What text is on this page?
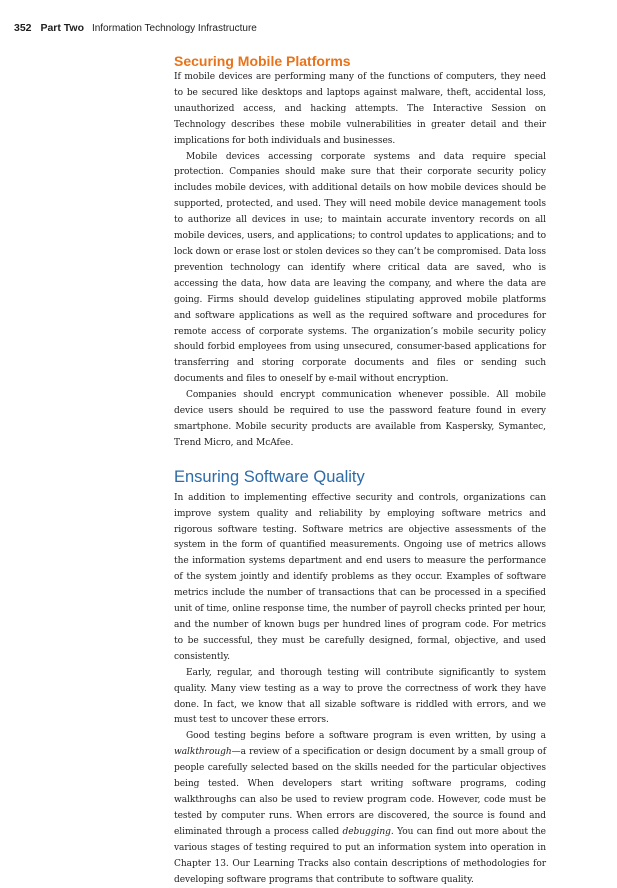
352 Part Two Information Technology Infrastructure
Securing Mobile Platforms

If mobile devices are performing many of the functions of computers, they need to be secured like desktops and laptops against malware, theft, accidental loss, unauthorized access, and hacking attempts. The Interactive Session on Technology describes these mobile vulnerabilities in greater detail and their implications for both individuals and businesses.

Mobile devices accessing corporate systems and data require special protection. Companies should make sure that their corporate security policy includes mobile devices, with additional details on how mobile devices should be supported, protected, and used. They will need mobile device management tools to authorize all devices in use; to maintain accurate inventory records on all mobile devices, users, and applications; to control updates to applications; and to lock down or erase lost or stolen devices so they can’t be compromised. Data loss prevention technology can identify where critical data are saved, who is accessing the data, how data are leaving the company, and where the data are going. Firms should develop guidelines stipulating approved mobile platforms and software applications as well as the required software and procedures for remote access of corporate systems. The organization’s mobile security policy should forbid employees from using unsecured, consumer-based applications for transferring and storing corporate documents and files or sending such documents and files to oneself by e-mail without encryption.

Companies should encrypt communication whenever possible. All mobile device users should be required to use the password feature found in every smartphone. Mobile security products are available from Kaspersky, Symantec, Trend Micro, and McAfee.

Ensuring Software Quality

In addition to implementing effective security and controls, organizations can improve system quality and reliability by employing software metrics and rigorous software testing. Software metrics are objective assessments of the system in the form of quantified measurements. Ongoing use of metrics allows the information systems department and end users to measure the performance of the system jointly and identify problems as they occur. Examples of software metrics include the number of transactions that can be processed in a specified unit of time, online response time, the number of payroll checks printed per hour, and the number of known bugs per hundred lines of program code. For metrics to be successful, they must be carefully designed, formal, objective, and used consistently.

Early, regular, and thorough testing will contribute significantly to system quality. Many view testing as a way to prove the correctness of work they have done. In fact, we know that all sizable software is riddled with errors, and we must test to uncover these errors.

Good testing begins before a software program is even written, by using a walkthrough—a review of a specification or design document by a small group of people carefully selected based on the skills needed for the particular objectives being tested. When developers start writing software programs, coding walkthroughs can also be used to review program code. However, code must be tested by computer runs. When errors are discovered, the source is found and eliminated through a process called debugging. You can find out more about the various stages of testing required to put an information system into operation in Chapter 13. Our Learning Tracks also contain descriptions of methodologies for developing software programs that contribute to software quality.
